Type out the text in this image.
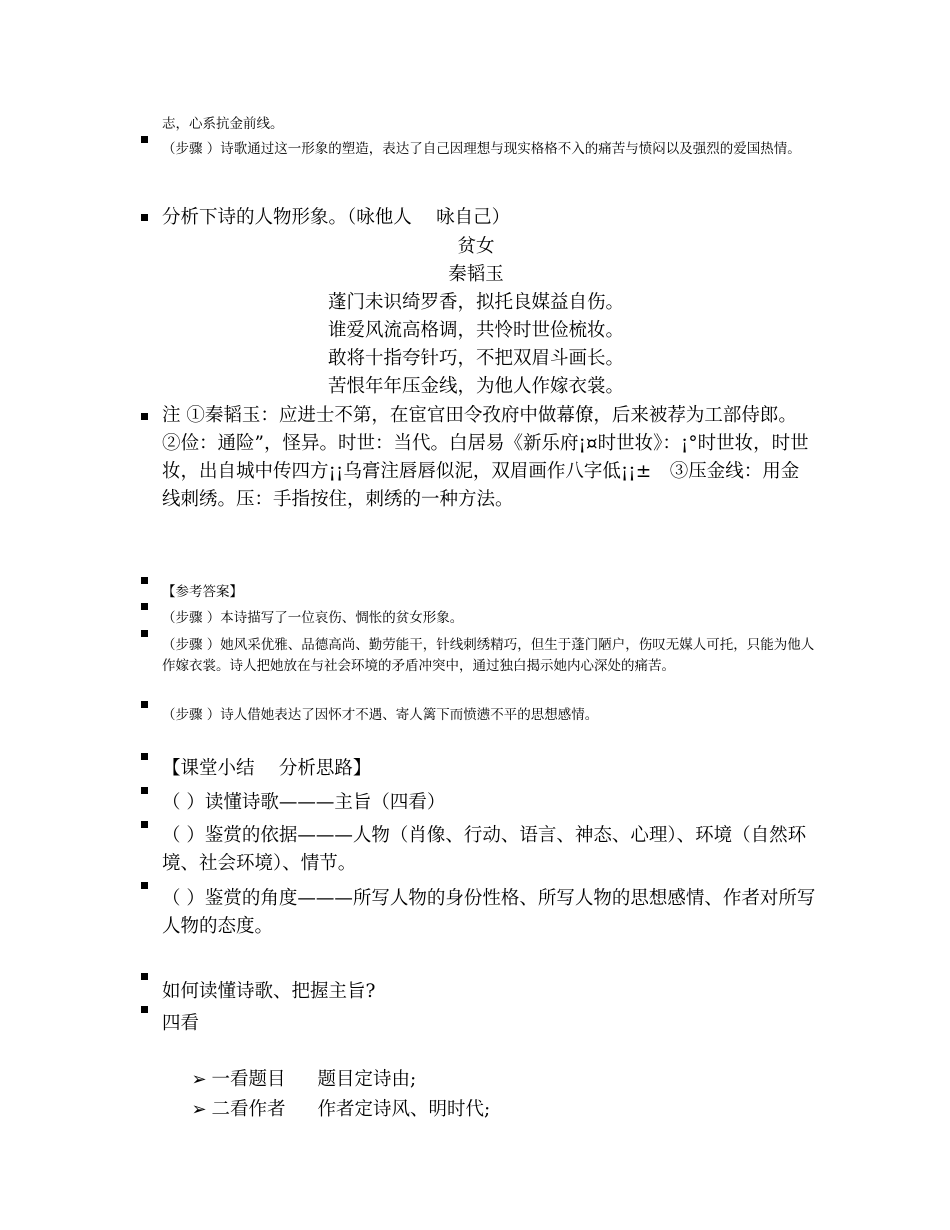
志，心系抗金前线。
（步骤 ）诗歌通过这一形象的塑造，表达了自己因理想与现实格格不入的痛苦与愤闷以及强烈的爱国热情。
分析下诗的人物形象。（咏他人　 咏自己）
贫女
秦韬玉
蓬门未识绮罗香，拟托良媒益自伤。
谁爱风流高格调，共怜时世俭梳妆。
敢将十指夸针巧，不把双眉斗画长。
苦恨年年压金线，为他人作嫁衣裳。
注 ①秦韬玉：应进士不第，在宦官田令孜府中做幕僚，后来被荐为工部侍郎。　②俭：通险”，怪异。时世：当代。白居易《新乐府¡¤时世妆》：¡°时世妆，时世妆，出自城中传四方¡¡乌膏注唇唇似泥，双眉画作八字低¡¡±　③压金线：用金线刺绣。压：手指按住，刺绣的一种方法。
【参考答案】
（步骤 ）本诗描写了一位哀伤、惆怅的贫女形象。
（步骤 ）她风采优雅、品德高尚、勤劳能干，针线刺绣精巧，但生于蓬门陋户，伤叹无媒人可托，只能为他人作嫁衣裳。诗人把她放在与社会环境的矛盾冲突中，通过独白揭示她内心深处的痛苦。
（步骤 ）诗人借她表达了因怀才不遇、寄人篱下而愤懑不平的思想感情。
【课堂小结　 分析思路】
（ ）读懂诗歌———主旨（四看）
（ ）鉴赏的依据———人物（肖像、行动、语言、神态、心理）、环境（自然环境、社会环境）、情节。
（ ）鉴赏的角度———所写人物的身份性格、所写人物的思想感情、作者对所写人物的态度。
如何读懂诗歌、把握主旨?
四看

➢ 一看题目 题目定诗由;

➢ 二看作者 作者定诗风、明时代;
